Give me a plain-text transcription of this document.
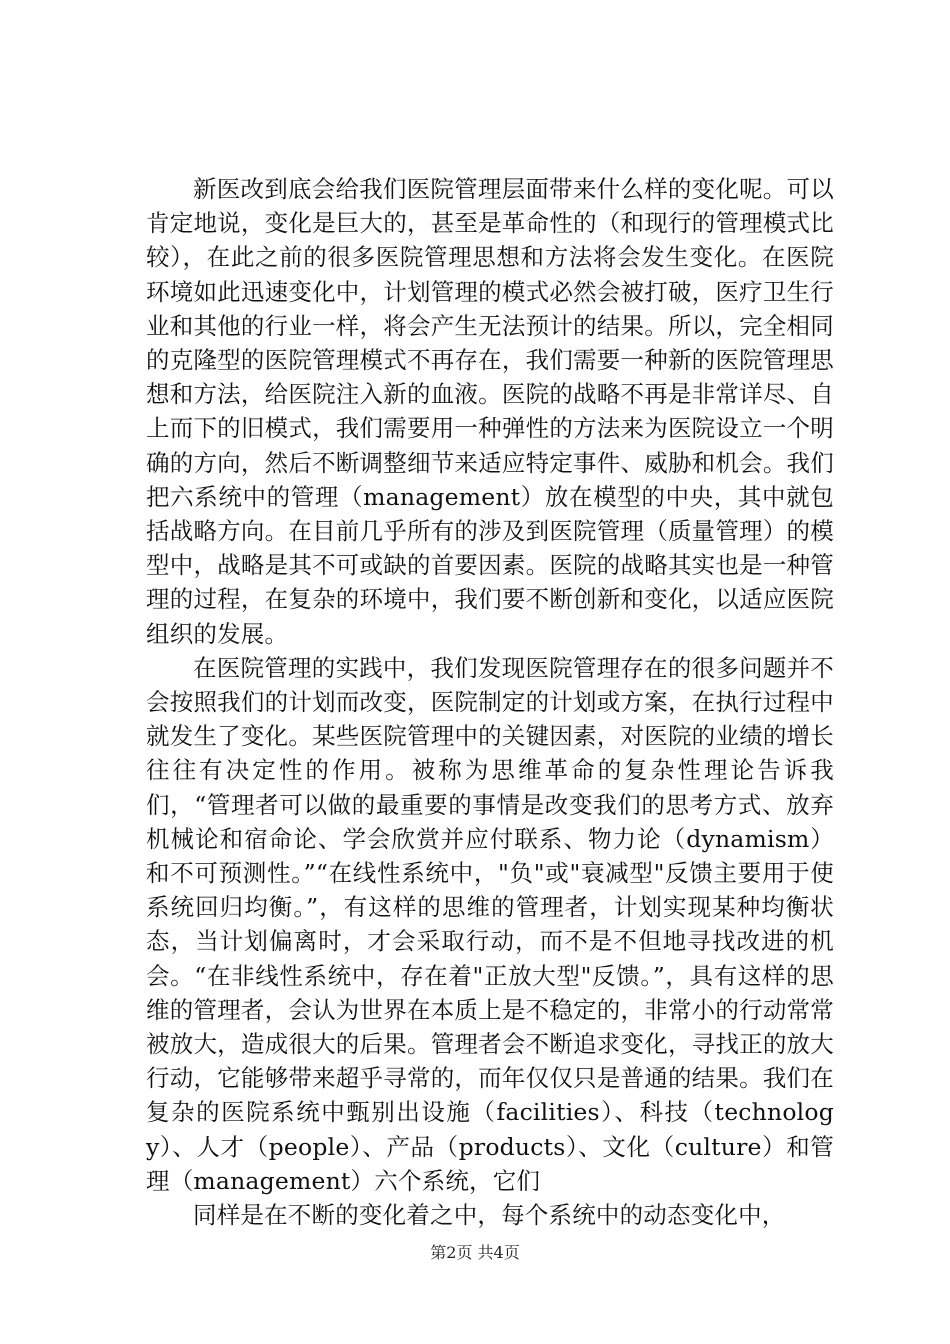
新医改到底会给我们医院管理层面带来什么样的变化呢。可以肯定地说，变化是巨大的，甚至是革命性的（和现行的管理模式比较），在此之前的很多医院管理思想和方法将会发生变化。在医院环境如此迅速变化中，计划管理的模式必然会被打破，医疗卫生行业和其他的行业一样，将会产生无法预计的结果。所以，完全相同的克隆型的医院管理模式不再存在，我们需要一种新的医院管理思想和方法，给医院注入新的血液。医院的战略不再是非常详尽、自上而下的旧模式，我们需要用一种弹性的方法来为医院设立一个明确的方向，然后不断调整细节来适应特定事件、威胁和机会。我们把六系统中的管理（management）放在模型的中央，其中就包括战略方向。在目前几乎所有的涉及到医院管理（质量管理）的模型中，战略是其不可或缺的首要因素。医院的战略其实也是一种管理的过程，在复杂的环境中，我们要不断创新和变化，以适应医院组织的发展。

在医院管理的实践中，我们发现医院管理存在的很多问题并不会按照我们的计划而改变，医院制定的计划或方案，在执行过程中就发生了变化。某些医院管理中的关键因素，对医院的业绩的增长往往有决定性的作用。被称为思维革命的复杂性理论告诉我们，“管理者可以做的最重要的事情是改变我们的思考方式、放弃机械论和宿命论、学会欣赏并应付联系、物力论（dynamism）和不可预测性。”“在线性系统中，"负"或"衰减型"反馈主要用于使系统回归均衡。”，有这样的思维的管理者，计划实现某种均衡状态，当计划偏离时，才会采取行动，而不是不但地寻找改进的机会。“在非线性系统中，存在着"正放大型"反馈。”，具有这样的思维的管理者，会认为世界在本质上是不稳定的，非常小的行动常常被放大，造成很大的后果。管理者会不断追求变化，寻找正的放大行动，它能够带来超乎寻常的，而年仅仅只是普通的结果。我们在复杂的医院系统中甄别出设施（facilities）、科技（technology）、人才（people）、产品（products）、文化（culture）和管理（management）六个系统，它们

同样是在不断的变化着之中，每个系统中的动态变化中，

第2页 共4页
